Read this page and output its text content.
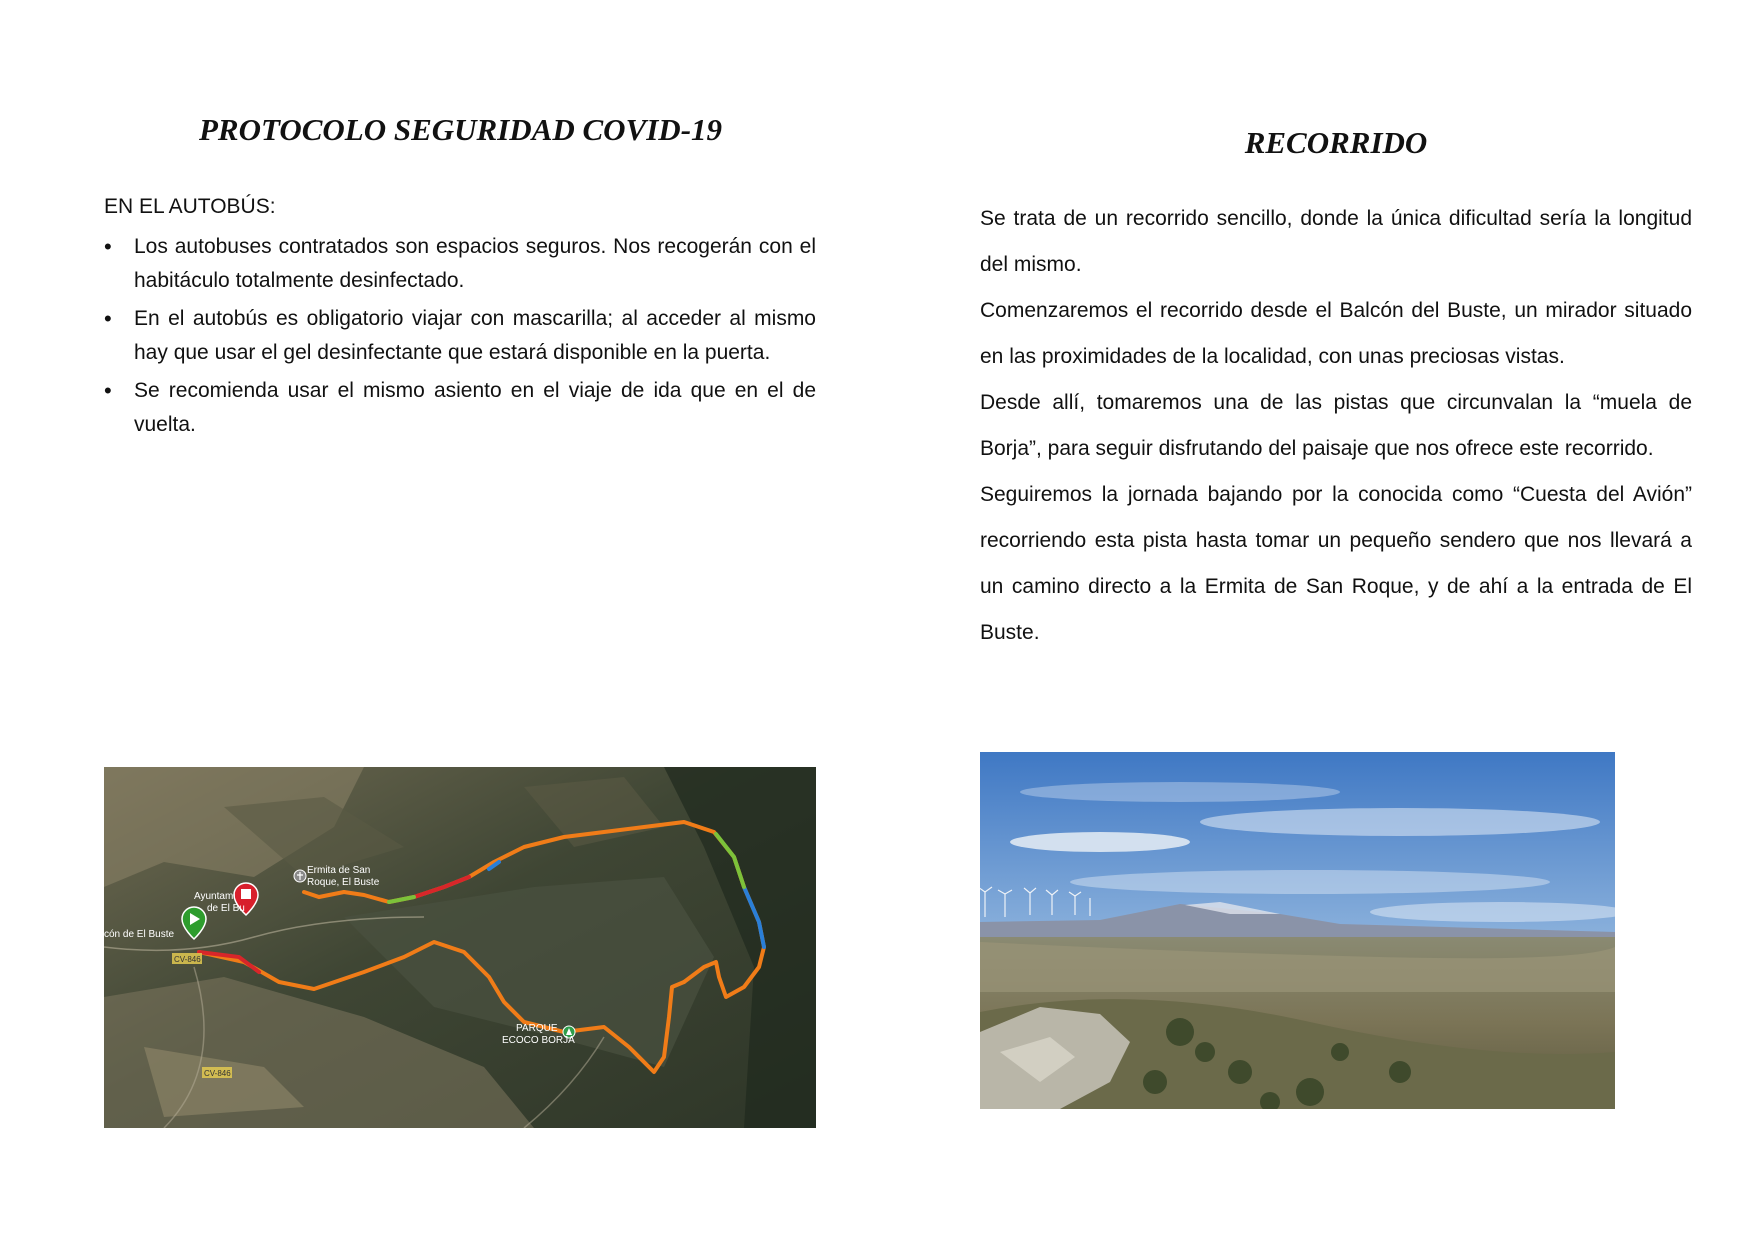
PROTOCOLO SEGURIDAD COVID-19

EN EL AUTOBÚS:

• Los autobuses contratados son espacios seguros. Nos recogerán con el habitáculo totalmente desinfectado.
• En el autobús es obligatorio viajar con mascarilla; al acceder al mismo hay que usar el gel desinfectante que estará disponible en la puerta.
• Se recomienda usar el mismo asiento en el viaje de ida que en el de vuelta.
RECORRIDO

Se trata de un recorrido sencillo, donde la única dificultad sería la longitud del mismo.

Comenzaremos el recorrido desde el Balcón del Buste, un mirador situado en las proximidades de la localidad, con unas preciosas vistas.

Desde allí, tomaremos una de las pistas que circunvalan la “muela de Borja”, para seguir disfrutando del paisaje que nos ofrece este recorrido.

Seguiremos la jornada bajando por la conocida como “Cuesta del Avión” recorriendo esta pista hasta tomar un pequeño sendero que nos llevará a un camino directo a la Ermita de San Roque, y de ahí a la entrada de El Buste.

Ermita de San
Roque, El Buste
Ayuntami
de El Bu
cón de El Buste
PARQUE
ECOCO BORJA
CV-846
CV-846
